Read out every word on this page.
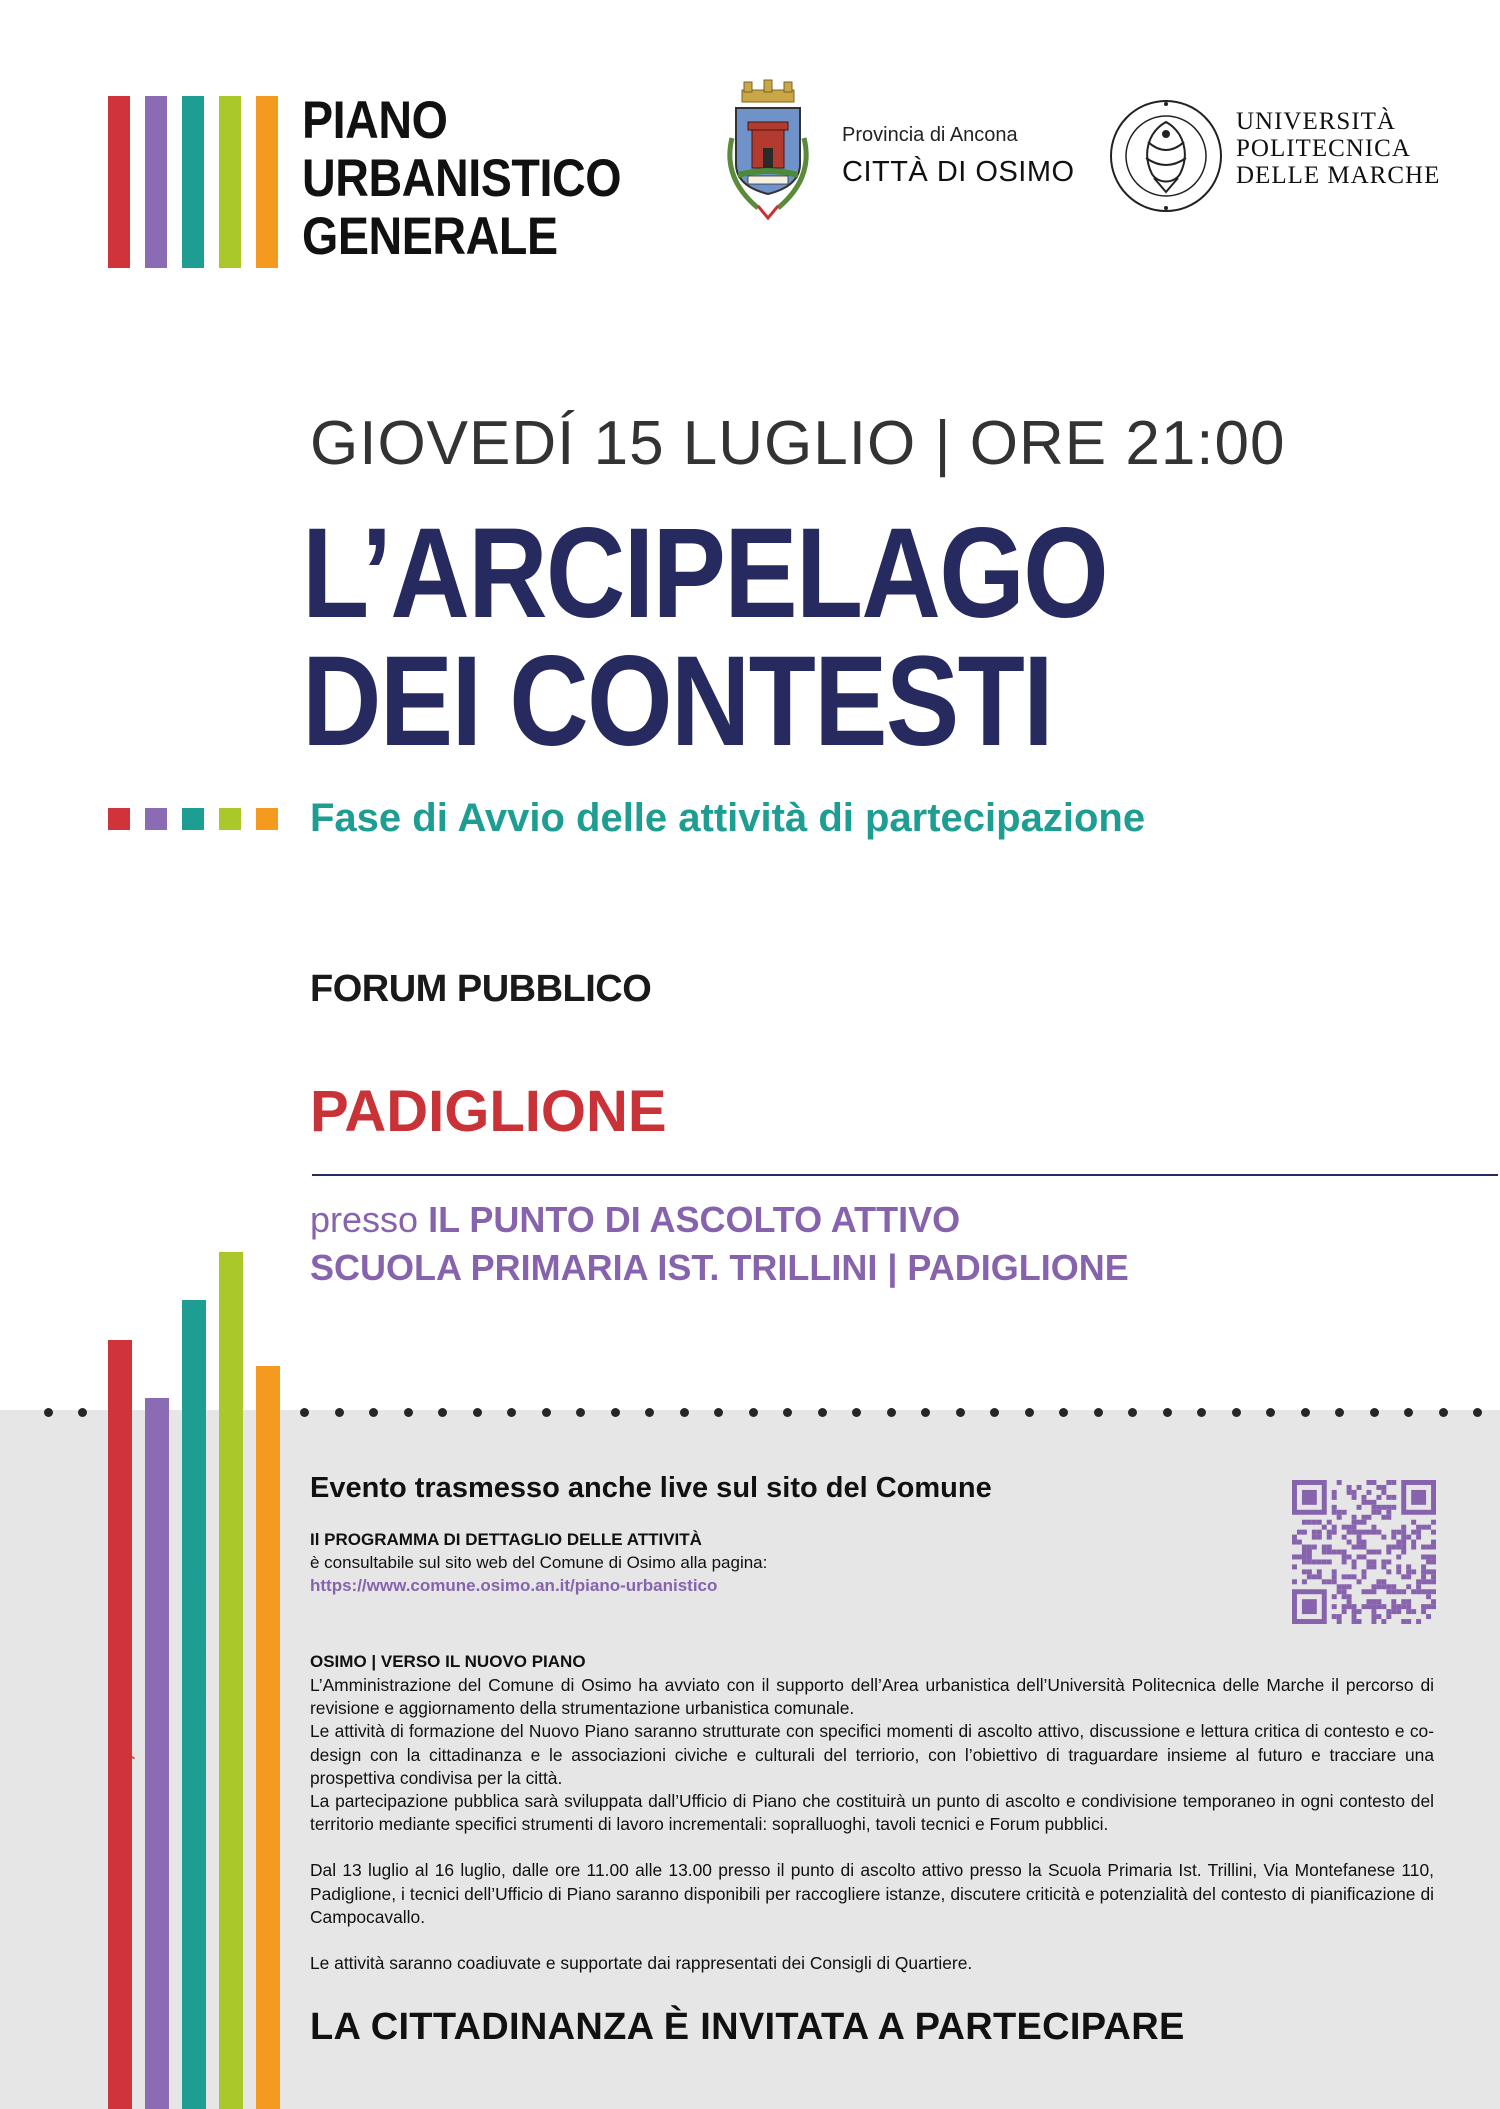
PIANO
URBANISTICO
GENERALE
Provincia di Ancona
CITTÀ DI OSIMO
UNIVERSITÀ
POLITECNICA
DELLE MARCHE
GIOVEDÍ 15 LUGLIO | ORE 21:00
L’ARCIPELAGO
DEI CONTESTI
Fase di Avvio delle attività di partecipazione
FORUM PUBBLICO
PADIGLIONE
presso IL PUNTO DI ASCOLTO ATTIVO
SCUOLA PRIMARIA IST. TRILLINI | PADIGLIONE
RIGENERAZIONE URBANA INFRASTRUTTURE E MOBILITÀ RESILIENZA TERRITORIALE
Evento trasmesso anche live sul sito del Comune
Il PROGRAMMA DI DETTAGLIO DELLE ATTIVITÀ
è consultabile sul sito web del Comune di Osimo alla pagina:
https://www.comune.osimo.an.it/piano-urbanistico
OSIMO | VERSO IL NUOVO PIANO

L’Amministrazione del Comune di Osimo ha avviato con il supporto dell’Area urbanistica dell’Università Politecnica delle Marche il percorso di revisione e aggiornamento della strumentazione urbanistica comunale.

Le attività di formazione del Nuovo Piano saranno strutturate con specifici momenti di ascolto attivo, discussione e lettura critica di contesto e co-design con la cittadinanza e le associazioni civiche e culturali del terriorio, con l’obiettivo di traguardare insieme al futuro e tracciare una prospettiva condivisa per la città.

La partecipazione pubblica sarà sviluppata dall’Ufficio di Piano che costituirà un punto di ascolto e condivisione temporaneo in ogni contesto del territorio mediante specifici strumenti di lavoro incrementali: sopralluoghi, tavoli tecnici e Forum pubblici.

Dal 13 luglio al 16 luglio, dalle ore 11.00 alle 13.00 presso il punto di ascolto attivo presso la Scuola Primaria Ist. Trillini, Via Montefanese 110, Padiglione, i tecnici dell’Ufficio di Piano saranno disponibili per raccogliere istanze, discutere criticità e potenzialità del contesto di pianificazione di Campocavallo.

Le attività saranno coadiuvate e supportate dai rappresentati dei Consigli di Quartiere.

LA CITTADINANZA È INVITATA A PARTECIPARE
